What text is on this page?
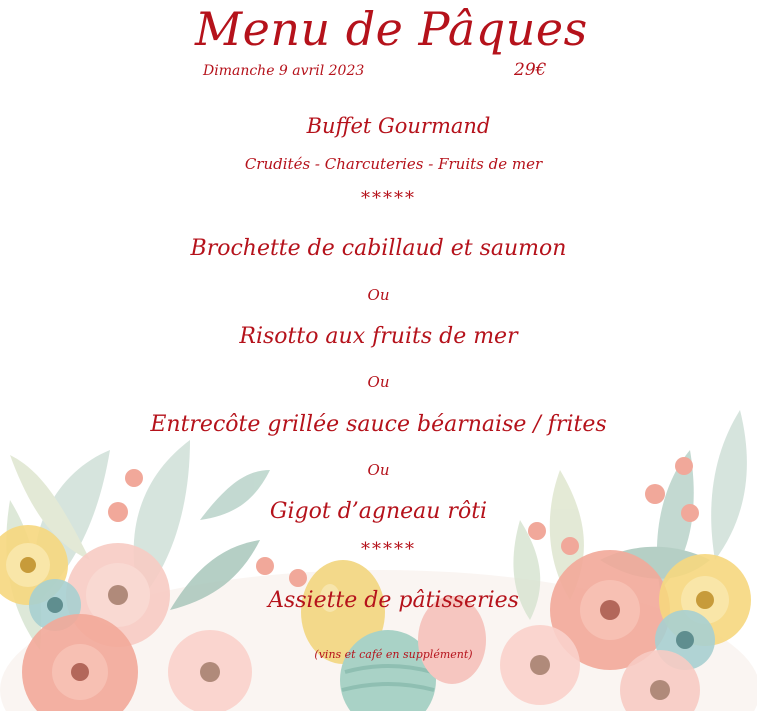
Menu de Pâques
Dimanche 9 avril 2023	29€
Buffet Gourmand
Crudités - Charcuteries - Fruits de mer
*****
Brochette de cabillaud et saumon
Ou
Risotto aux fruits de mer
Ou
Entrecôte grillée sauce béarnaise / frites
Ou
Gigot d’agneau rôti
*****
Assiette de pâtisseries
(vins et café en supplément)
